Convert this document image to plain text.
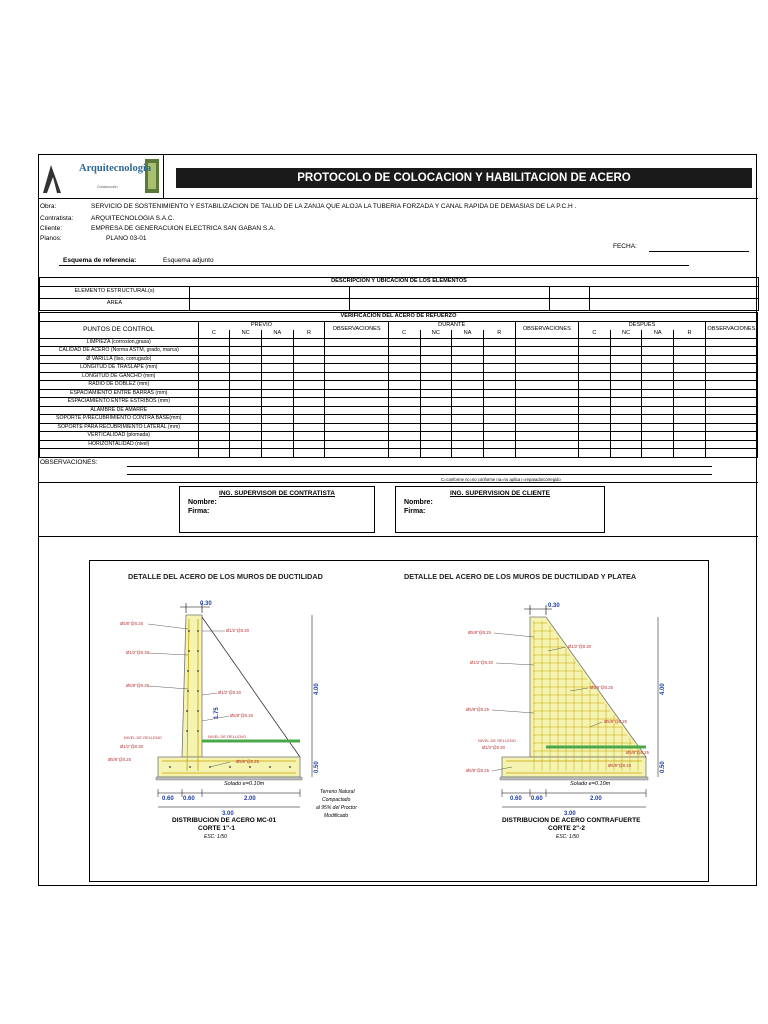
Arquitecnologia
Construcción
PROTOCOLO DE COLOCACION Y HABILITACION DE ACERO
Obra:	SERVICIO DE SOSTENIMIENTO Y ESTABILIZACION DE TALUD DE LA ZANJA QUE ALOJA LA TUBERIA FORZADA Y CANAL RAPIDA DE DEMASIAS DE LA P.C.H .
Contratista:	ARQUITECNOLOGIA S.A.C.
Cliente:	EMPRESA DE GENERACUION ELECTRICA SAN GABAN S.A.
Planos:	PLANO 03-01
FECHA:
Esquema de referencia:	Esquema adjunto
DESCRIPCION Y UBICACION DE LOS ELEMENTOS				
ELEMENTO ESTRUCTURAL(s)				
AREA				
VERIFICACION DEL ACERO DE REFUERZO															
PUNTOS DE CONTROL	PREVIO				OBSERVACIONES	DURANTE				OBSERVACIONES	DESPUES				OBSERVACIONES
	C	NC	NA	R		C	NC	NA	R		C	NC	NA	R	
LIMPIEZA (corrosion,grasa)															
CALIDAD DE ACERO (Norma ASTM, grado, marca)															
Ø VARILLA (liso, corrugado)															
LONGITUD DE TRASLAPE (mm)															
LONGITUD DE GANCHO (mm)															
RADIO DE DOBLEZ (mm)															
ESPACIAMIENTO ENTRE BARRAS (mm)															
ESPACIAMIENTO ENTRE ESTRIBOS (mm)															
ALAMBRE DE AMARRE															
SOPORTE P/RECUBRIMIENTO CONTRA BASE(mm)															
SOPORTE PARA RECUBRIMIENTO LATERAL (mm)															
VERTICALIDAD (plomada)															
HORIZONTALIDAD (nivel)															

OBSERVACIONES:
C=conforme nc=no conforme na=no aplica r=reparado/corregido
ING. SUPERVISOR DE CONTRATISTA
Nombre:
Firma:
ING. SUPERVISION DE CLIENTE
Nombre:
Firma:
DETALLE DEL ACERO DE LOS MUROS DE DUCTILIDAD	DETALLE DEL ACERO DE LOS MUROS DE DUCTILIDAD Y PLATEA
0.30
Ø5/8"@0.25
Ø1/2"@0.30
Ø1/2"@0.30
Ø5/8"@0.25
Ø1/2"@0.30
Ø5/8"@0.25
Ø1/2"@0.30
Ø5/8"@0.25	Ø5/8"@0.25
NIVEL DE RELLENO
NIVEL DE RELLENO
4.00
0.50
1.75
0.60 0.60	2.00
3.00
Solado e=0.10m
Terreno Natural
Compactado
al 95% del Proctor
Modificado
DISTRIBUCION DE ACERO MC-01
CORTE 1"-1
ESC: 1/50
0.30
Ø5/8"@0.25
Ø1/2"@0.30
Ø1/2"@0.30
Ø5/8"@0.25
Ø5/8"@0.25
Ø5/8"@0.25
Ø1/2"@0.30
Ø5/8"@0.25
Ø5/8"@0.25
Ø5/8"@0.25
NIVEL DE RELLENO
4.00
0.50
0.60 0.60	2.00
3.00
Solado e=0.10m
DISTRIBUCION DE ACERO CONTRAFUERTE
CORTE 2"-2
ESC: 1/50
